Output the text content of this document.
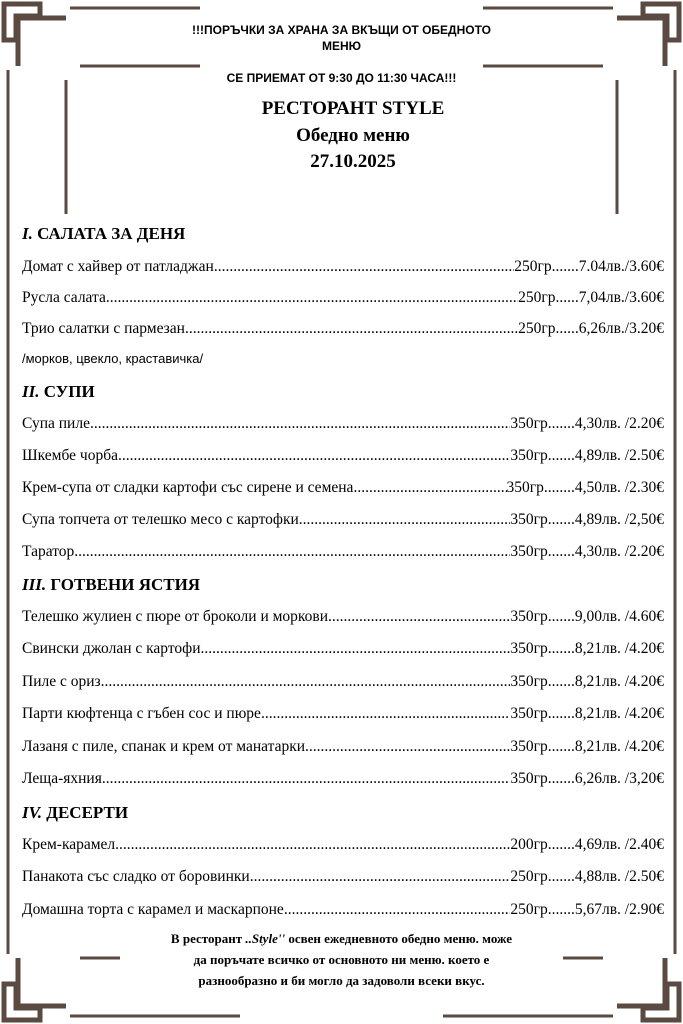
!!!ПОРЪЧКИ ЗА ХРАНА ЗА ВКЪЩИ ОТ ОБЕДНОТО
МЕНЮ
СЕ ПРИЕМАТ ОТ 9:30 ДО 11:30 ЧАСА!!!
РЕСТОРАНТ STYLE
Обедно меню
27.10.2025
I. САЛАТА ЗА ДЕНЯ
Домат с хайвер от патладжан .....	250гр ....... 7.04лв./3.60€
Русла салата .....	250гр ...... 7,04лв./3.60€
Трио салатки с пармезан .....	250гр ...... 6,26лв./3.20€
/морков, цвекло, краставичка/
II. СУПИ
Супа пиле .....	350гр ....... 4,30лв. /2.20€
Шкембе чорба .....	350гр ....... 4,89лв. /2.50€
Крем-супа от сладки картофи със сирене и семена .....	350гр ........ 4,50лв. /2.30€
Супа топчета от телешко месо с картофки .....	350гр ....... 4,89лв. /2,50€
Таратор .....	350гр ....... 4,30лв. /2.20€
III. ГОТВЕНИ ЯСТИЯ
Телешко жулиен с пюре от броколи и моркови .....	350гр ....... 9,00лв. /4.60€
Свински джолан с картофи .....	350гр ....... 8,21лв. /4.20€
Пиле с ориз .....	350гр ....... 8,21лв. /4.20€
Парти кюфтенца с гъбен сос и пюре .....	350гр ....... 8,21лв. /4.20€
Лазаня с пиле, спанак и крем от манатарки .....	350гр ....... 8,21лв. /4.20€
Леща-яхния .....	350гр ....... 6,26лв. /3,20€
IV. ДЕСЕРТИ
Крем-карамел .....	200гр ....... 4,69лв. /2.40€
Панакота със сладко от боровинки .....	250гр ....... 4,88лв. /2.50€
Домашна торта с карамел и маскарпоне .....	250гр ....... 5,67лв. /2.90€
В ресторант ..Style'' освен ежедневното обедно меню. може
да поръчате всичко от основното ни меню. което е
разнообразно и би могло да задоволи всеки вкус.
